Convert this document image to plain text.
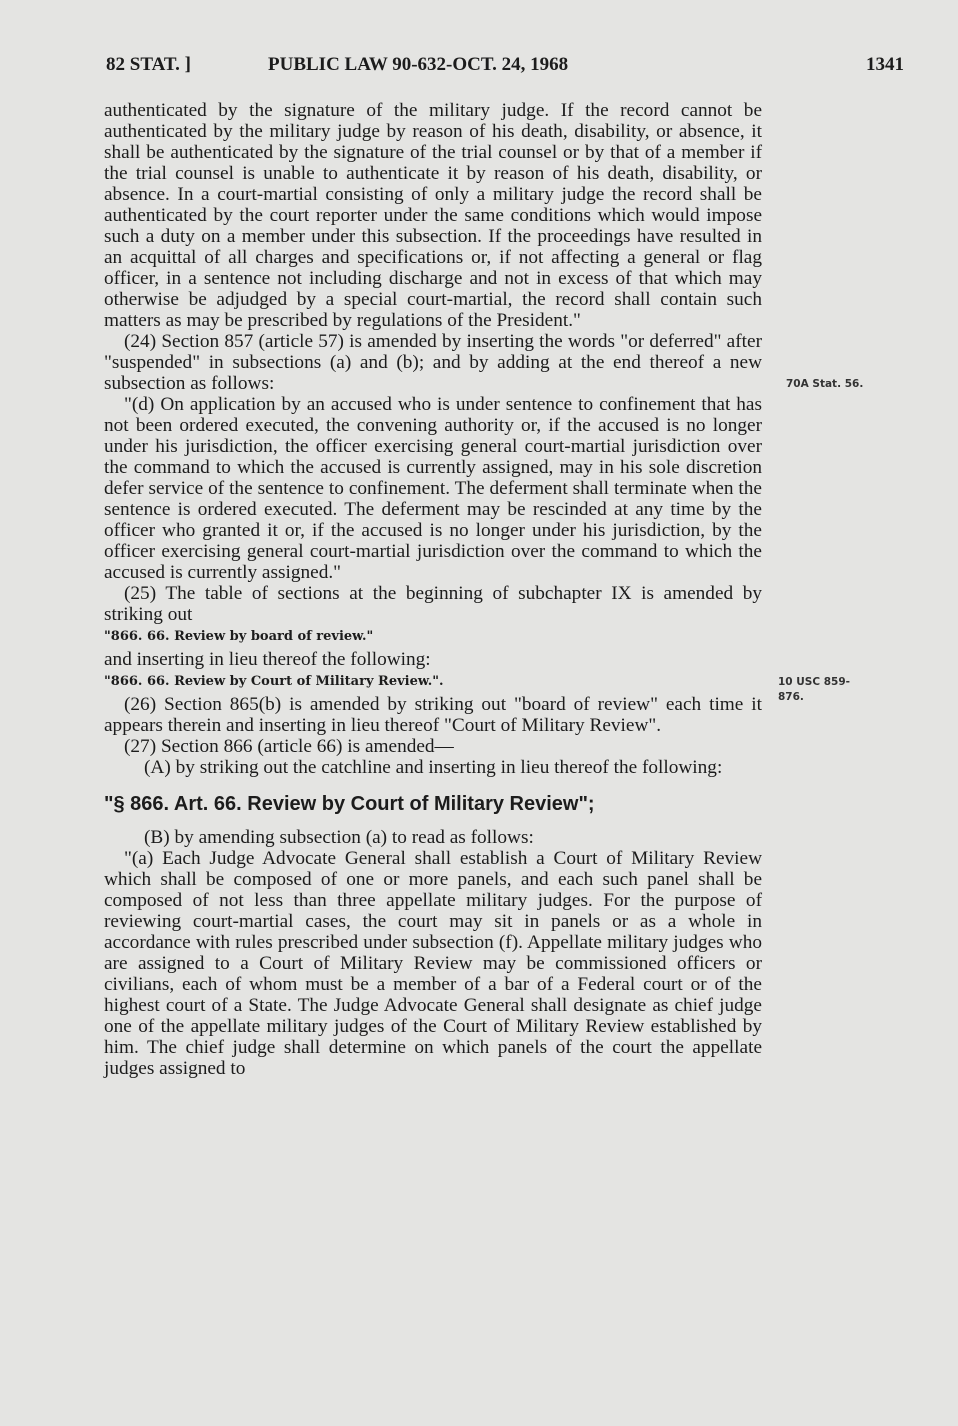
82 STAT. ]	PUBLIC LAW 90-632-OCT. 24, 1968	1341
70A Stat. 56.
10 USC 859-
876.

authenticated by the signature of the military judge. If the record cannot be authenticated by the military judge by reason of his death, disability, or absence, it shall be authenticated by the signature of the trial counsel or by that of a member if the trial counsel is unable to authenticate it by reason of his death, disability, or absence. In a court-martial consisting of only a military judge the record shall be authenticated by the court reporter under the same conditions which would impose such a duty on a member under this subsection. If the proceedings have resulted in an acquittal of all charges and specifications or, if not affecting a general or flag officer, in a sentence not including discharge and not in excess of that which may otherwise be adjudged by a special court-martial, the record shall contain such matters as may be prescribed by regulations of the President."

(24) Section 857 (article 57) is amended by inserting the words "or deferred" after "suspended" in subsections (a) and (b); and by adding at the end thereof a new subsection as follows:

"(d) On application by an accused who is under sentence to confinement that has not been ordered executed, the convening authority or, if the accused is no longer under his jurisdiction, the officer exercising general court-martial jurisdiction over the command to which the accused is currently assigned, may in his sole discretion defer service of the sentence to confinement. The deferment shall terminate when the sentence is ordered executed. The deferment may be rescinded at any time by the officer who granted it or, if the accused is no longer under his jurisdiction, by the officer exercising general court-martial jurisdiction over the command to which the accused is currently assigned."

(25) The table of sections at the beginning of subchapter IX is amended by striking out

"866. 66. Review by board of review."

and inserting in lieu thereof the following:

"866. 66. Review by Court of Military Review.".

(26) Section 865(b) is amended by striking out "board of review" each time it appears therein and inserting in lieu thereof "Court of Military Review".

(27) Section 866 (article 66) is amended—

(A) by striking out the catchline and inserting in lieu thereof the following:

"§ 866. Art. 66. Review by Court of Military Review";

(B) by amending subsection (a) to read as follows:

"(a) Each Judge Advocate General shall establish a Court of Military Review which shall be composed of one or more panels, and each such panel shall be composed of not less than three appellate military judges. For the purpose of reviewing court-martial cases, the court may sit in panels or as a whole in accordance with rules prescribed under subsection (f). Appellate military judges who are assigned to a Court of Military Review may be commissioned officers or civilians, each of whom must be a member of a bar of a Federal court or of the highest court of a State. The Judge Advocate General shall designate as chief judge one of the appellate military judges of the Court of Military Review established by him. The chief judge shall determine on which panels of the court the appellate judges assigned to
